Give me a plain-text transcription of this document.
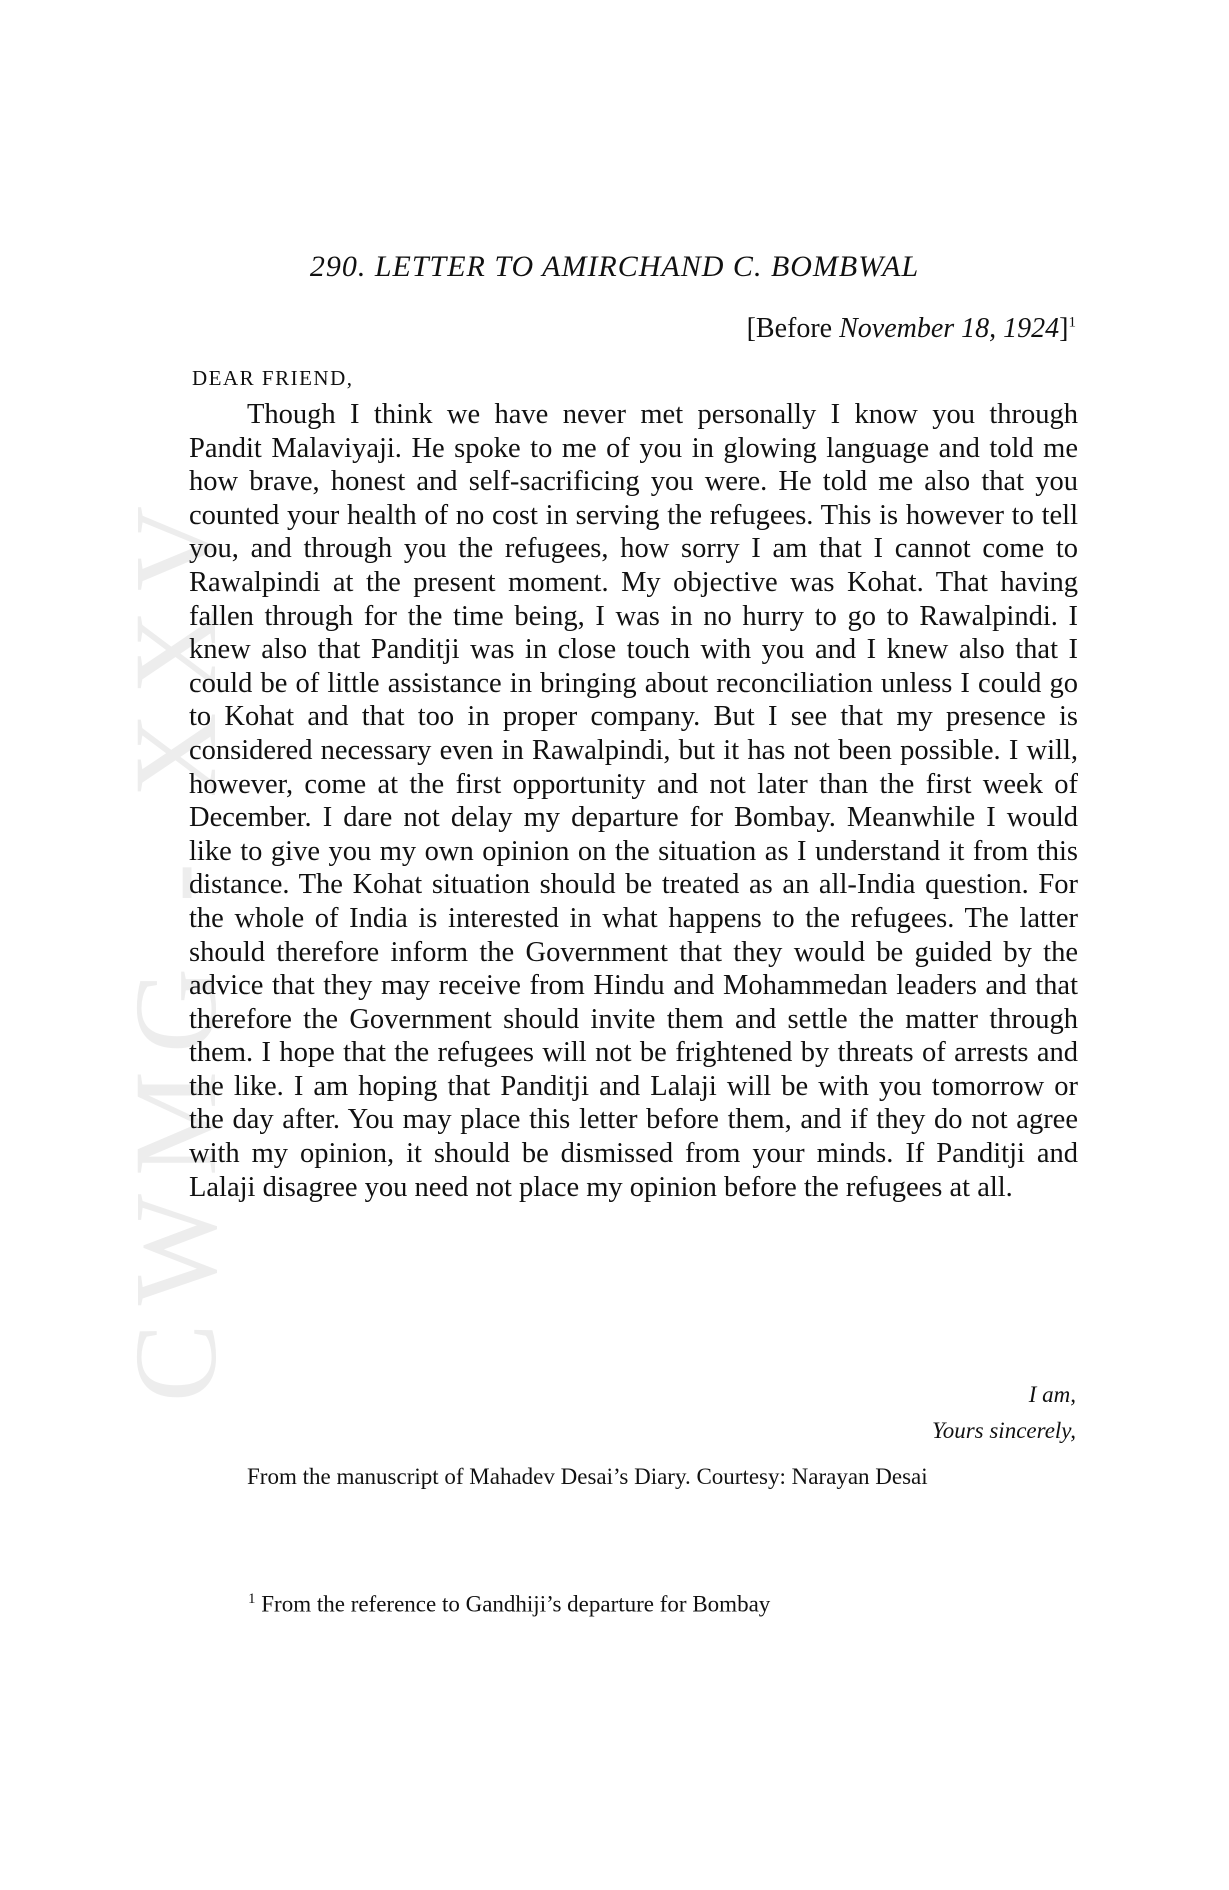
CWMG - XXV
290. LETTER TO AMIRCHAND C. BOMBWAL
[Before November 18, 1924]$^1$
DEAR FRIEND,

Though I think we have never met personally I know you through Pandit Malaviyaji. He spoke to me of you in glowing language and told me how brave, honest and self-sacrificing you were. He told me also that you counted your health of no cost in serving the refugees. This is however to tell you, and through you the refugees, how sorry I am that I cannot come to Rawalpindi at the present moment. My objective was Kohat. That having fallen through for the time being, I was in no hurry to go to Rawalpindi. I knew also that Panditji was in close touch with you and I knew also that I could be of little assistance in bringing about reconciliation unless I could go to Kohat and that too in proper company. But I see that my presence is considered necessary even in Rawalpindi, but it has not been possible. I will, however, come at the first opportunity and not later than the first week of December. I dare not delay my departure for Bombay. Meanwhile I would like to give you my own opinion on the situation as I understand it from this distance. The Kohat situation should be treated as an all-India question. For the whole of India is interested in what happens to the refugees. The latter should therefore inform the Government that they would be guided by the advice that they may receive from Hindu and Mohammedan leaders and that therefore the Government should invite them and settle the matter through them. I hope that the refugees will not be frightened by threats of arrests and the like. I am hoping that Panditji and Lalaji will be with you tomorrow or the day after. You may place this letter before them, and if they do not agree with my opinion, it should be dismissed from your minds. If Panditji and Lalaji disagree you need not place my opinion before the refugees at all.

I am,
Yours sincerely,

From the manuscript of Mahadev Desai’s Diary. Courtesy: Narayan Desai

$^1$ From the reference to Gandhiji’s departure for Bombay
